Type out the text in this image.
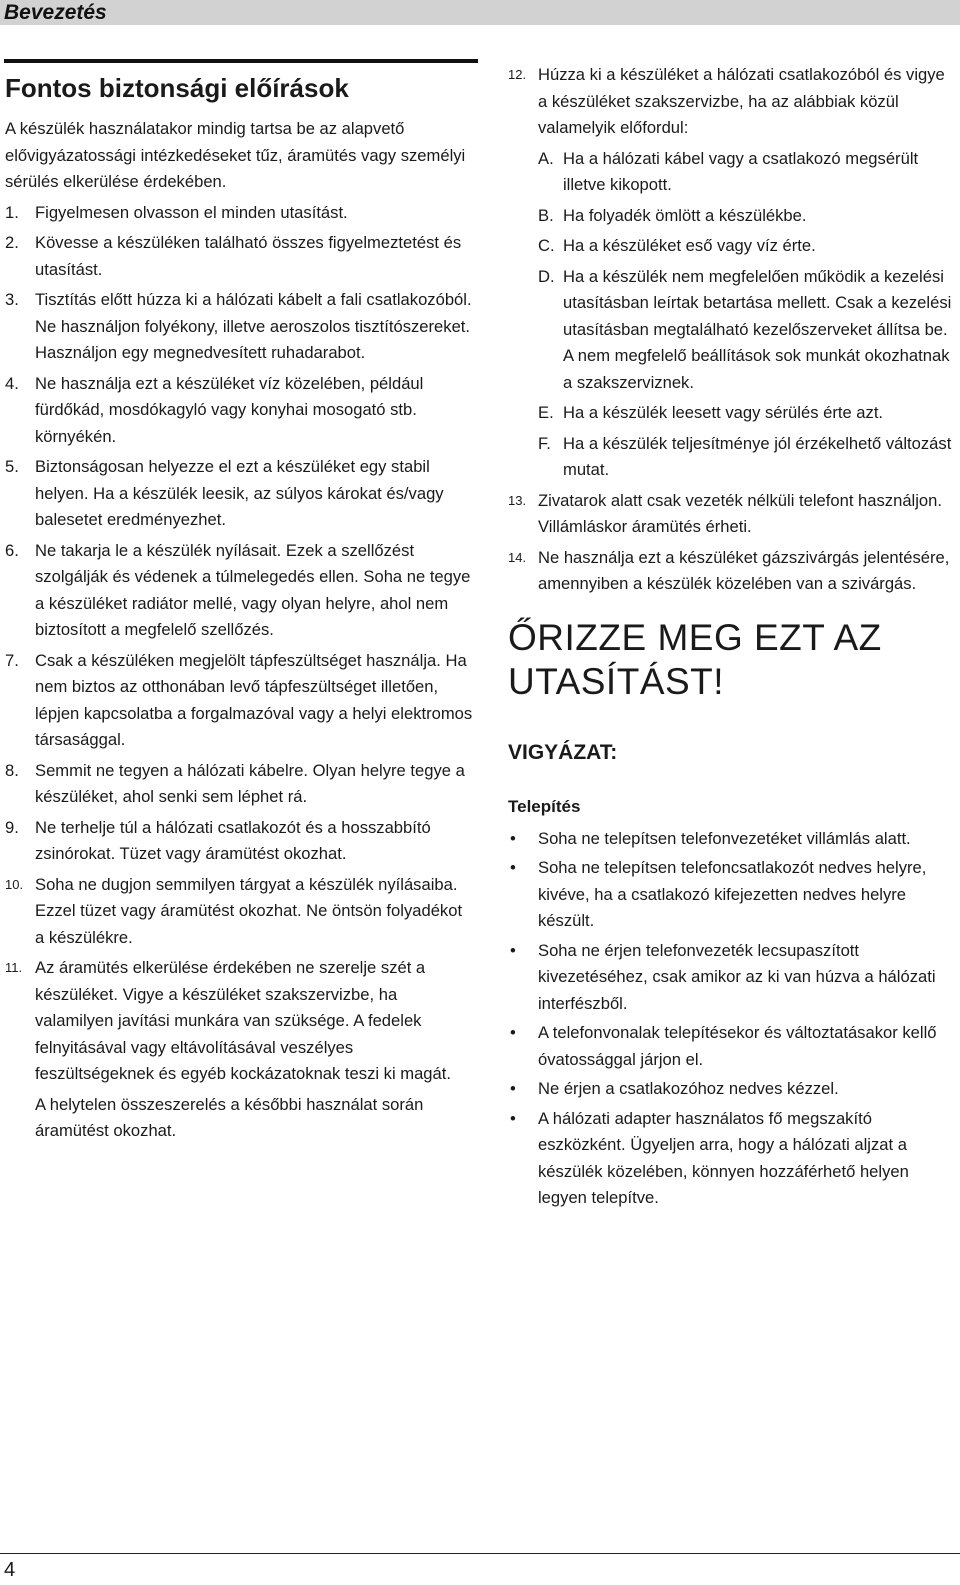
Bevezetés
Fontos biztonsági előírások

A készülék használatakor mindig tartsa be az alapvető elővigyázatossági intézkedéseket tűz, áramütés vagy személyi sérülés elkerülése érdekében.

1. Figyelmesen olvasson el minden utasítást.
2. Kövesse a készüléken található összes figyelmeztetést és utasítást.
3. Tisztítás előtt húzza ki a hálózati kábelt a fali csatlakozóból. Ne használjon folyékony, illetve aeroszolos tisztítószereket. Használjon egy megnedvesített ruhadarabot.
4. Ne használja ezt a készüléket víz közelében, például fürdőkád, mosdókagyló vagy konyhai mosogató stb. környékén.
5. Biztonságosan helyezze el ezt a készüléket egy stabil helyen. Ha a készülék leesik, az súlyos károkat és/vagy balesetet eredményezhet.
6. Ne takarja le a készülék nyílásait. Ezek a szellőzést szolgálják és védenek a túlmelegedés ellen. Soha ne tegye a készüléket radiátor mellé, vagy olyan helyre, ahol nem biztosított a megfelelő szellőzés.
7. Csak a készüléken megjelölt tápfeszültséget használja. Ha nem biztos az otthonában levő tápfeszültséget illetően, lépjen kapcsolatba a forgalmazóval vagy a helyi elektromos társasággal.
8. Semmit ne tegyen a hálózati kábelre. Olyan helyre tegye a készüléket, ahol senki sem léphet rá.
9. Ne terhelje túl a hálózati csatlakozót és a hosszabbító zsinórokat. Tüzet vagy áramütést okozhat.
10. Soha ne dugjon semmilyen tárgyat a készülék nyílásaiba. Ezzel tüzet vagy áramütést okozhat. Ne öntsön folyadékot a készülékre.
11. Az áramütés elkerülése érdekében ne szerelje szét a készüléket. Vigye a készüléket szakszervizbe, ha valamilyen javítási munkára van szüksége. A fedelek felnyitásával vagy eltávolításával veszélyes feszültségeknek és egyéb kockázatoknak teszi ki magát.
A helytelen összeszerelés a későbbi használat során áramütést okozhat.
12. Húzza ki a készüléket a hálózati csatlakozóból és vigye a készüléket szakszervizbe, ha az alábbiak közül valamelyik előfordul:
A. Ha a hálózati kábel vagy a csatlakozó megsérült illetve kikopott.
B. Ha folyadék ömlött a készülékbe.
C. Ha a készüléket eső vagy víz érte.
D. Ha a készülék nem megfelelően működik a kezelési utasításban leírtak betartása mellett. Csak a kezelési utasításban megtalálható kezelőszerveket állítsa be. A nem megfelelő beállítások sok munkát okozhatnak a szakszerviznek.
E. Ha a készülék leesett vagy sérülés érte azt.
F. Ha a készülék teljesítménye jól érzékelhető változást mutat.
13. Zivatarok alatt csak vezeték nélküli telefont használjon. Villámláskor áramütés érheti.
14. Ne használja ezt a készüléket gázszivárgás jelentésére, amennyiben a készülék közelében van a szivárgás.
ŐRIZZE MEG EZT AZ UTASÍTÁST!
VIGYÁZAT:
Telepítés
•	Soha ne telepítsen telefonvezetéket villámlás alatt.
•	Soha ne telepítsen telefoncsatlakozót nedves helyre, kivéve, ha a csatlakozó kifejezetten nedves helyre készült.
•	Soha ne érjen telefonvezeték lecsupaszított kivezetéséhez, csak amikor az ki van húzva a hálózati interfészből.
•	A telefonvonalak telepítésekor és változtatásakor kellő óvatossággal járjon el.
•	Ne érjen a csatlakozóhoz nedves kézzel.
•	A hálózati adapter használatos fő megszakító eszközként. Ügyeljen arra, hogy a hálózati aljzat a készülék közelében, könnyen hozzáférhető helyen legyen telepítve.
4
